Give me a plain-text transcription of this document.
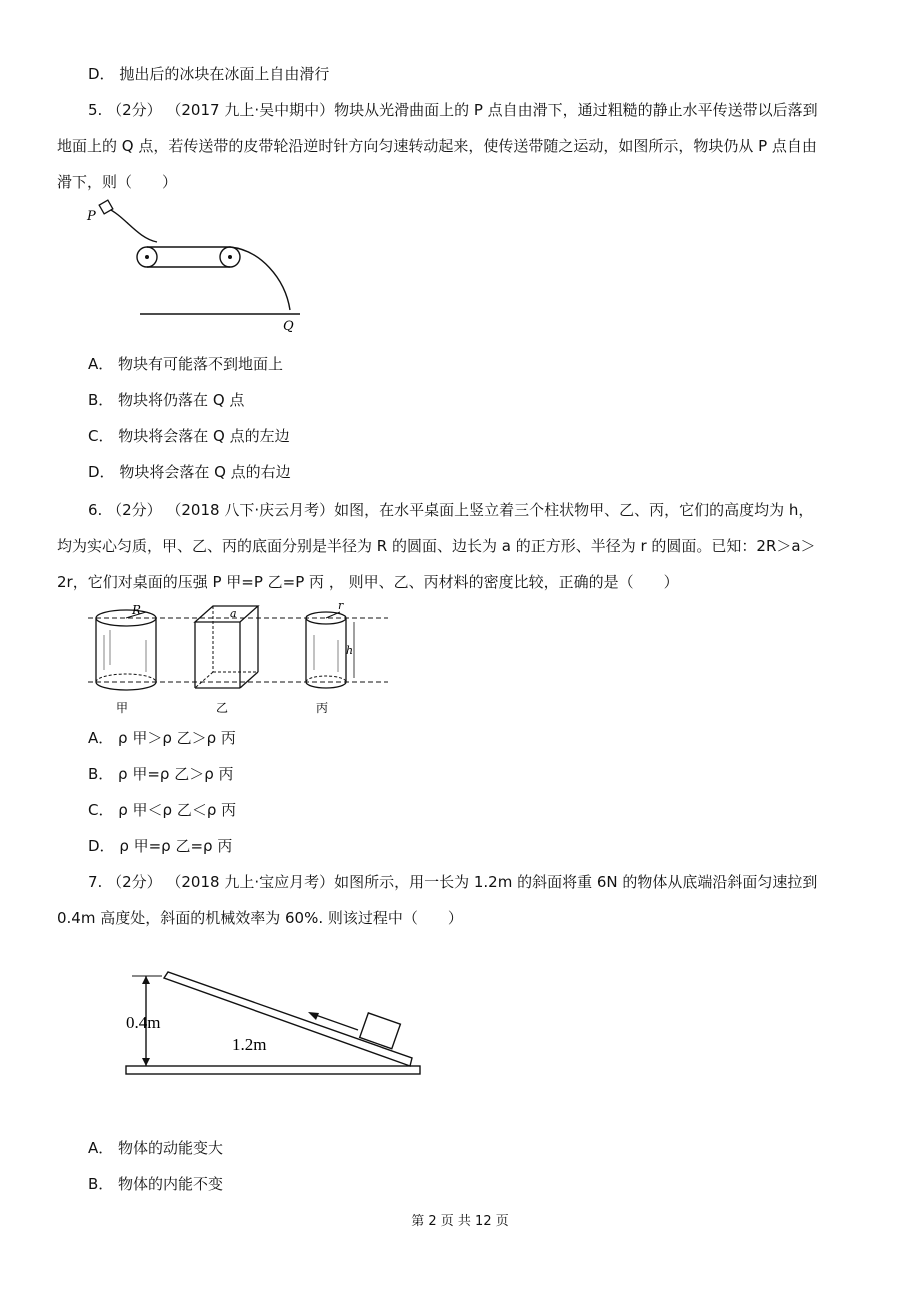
D． 抛出后的冰块在冰面上自由滑行
5. （2分） （2017 九上·吴中期中）物块从光滑曲面上的 P 点自由滑下，通过粗糙的静止水平传送带以后落到
地面上的 Q 点，若传送带的皮带轮沿逆时针方向匀速转动起来，使传送带随之运动，如图所示，物块仍从 P 点自由
滑下，则（　　）
P
Q
A． 物块有可能落不到地面上
B． 物块将仍落在 Q 点
C． 物块将会落在 Q 点的左边
D． 物块将会落在 Q 点的右边
6. （2分） （2018 八下·庆云月考）如图，在水平桌面上竖立着三个柱状物甲、乙、丙，它们的高度均为 h，
均为实心匀质，甲、乙、丙的底面分别是半径为 R 的圆面、边长为 a 的正方形、半径为 r 的圆面。已知：2R＞a＞
2r，它们对桌面的压强 P 甲=P 乙=P 丙 ， 则甲、乙、丙材料的密度比较，正确的是（　　）
R
甲
a
乙
r
h
丙
A． ρ 甲＞ρ 乙＞ρ 丙
B． ρ 甲=ρ 乙＞ρ 丙
C． ρ 甲＜ρ 乙＜ρ 丙
D． ρ 甲=ρ 乙=ρ 丙
7. （2分） （2018 九上·宝应月考）如图所示，用一长为 1.2m 的斜面将重 6N 的物体从底端沿斜面匀速拉到
0.4m 高度处，斜面的机械效率为 60%. 则该过程中（　　）
0.4m
1.2m
A． 物体的动能变大
B． 物体的内能不变
第 2 页 共 12 页
